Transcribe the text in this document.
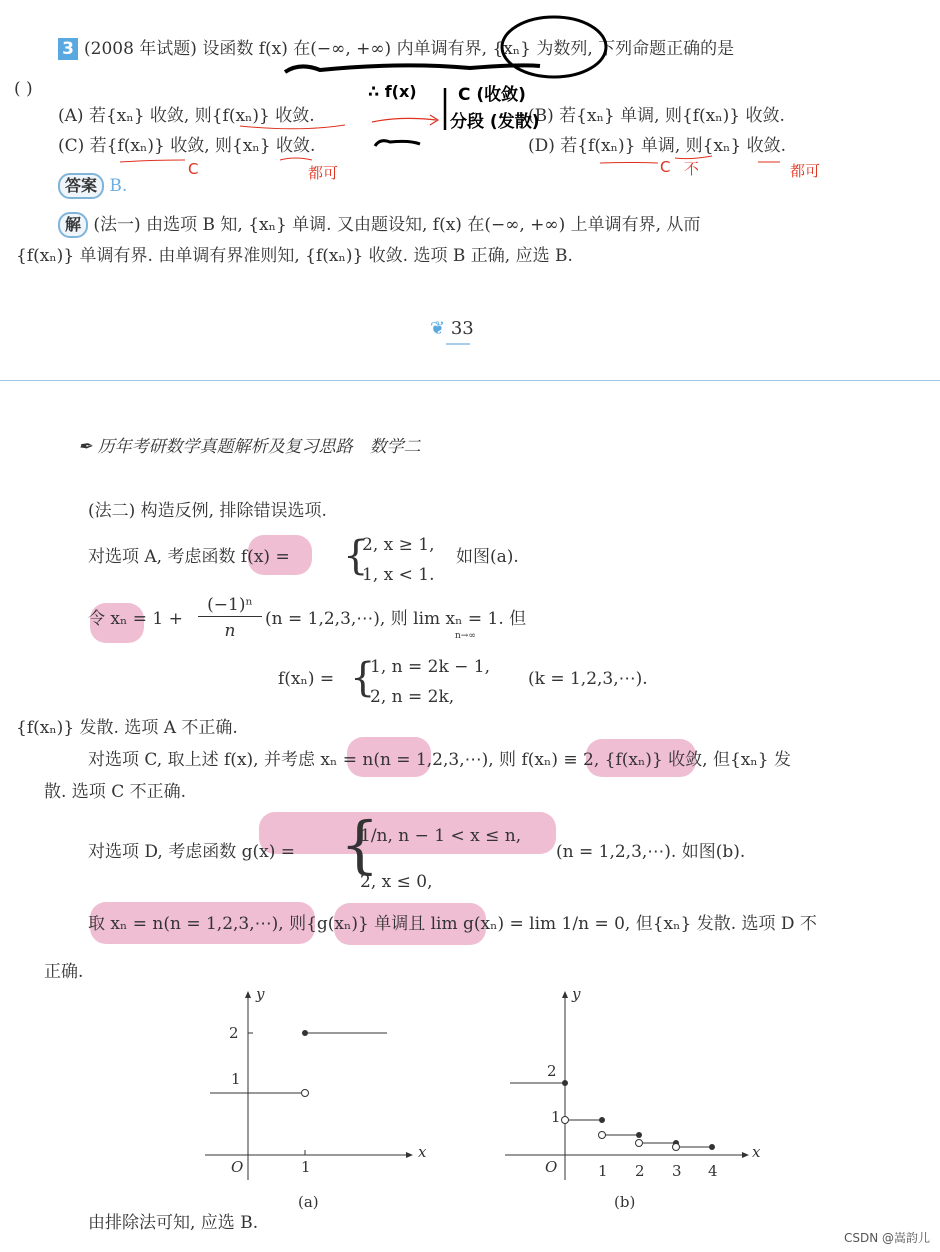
3 (2008 年试题) 设函数 f(x) 在(−∞, +∞) 内单调有界, {xₙ} 为数列, 下列命题正确的是
( )
(A) 若{xₙ} 收敛, 则{f(xₙ)} 收敛.	(B) 若{xₙ} 单调, 则{f(xₙ)} 收敛.
(C) 若{f(xₙ)} 收敛, 则{xₙ} 收敛.	(D) 若{f(xₙ)} 单调, 则{xₙ} 收敛.
答案 B.
解 (法一) 由选项 B 知, {xₙ} 单调. 又由题设知, f(x) 在(−∞, +∞) 上单调有界, 从而
{f(xₙ)} 单调有界. 由单调有界准则知, {f(xₙ)} 收敛. 选项 B 正确, 应选 B.
∴ f(x) C (收敛)
分段 (发散)
C	都可	C 不	都可
❦ 33
✒ 历年考研数学真题解析及复习思路　数学二
(法二) 构造反例, 排除错误选项.
对选项 A, 考虑函数 f(x) = {
2, x ≥ 1,
1, x < 1.
如图(a).
令 xₙ = 1 +
(−1)ⁿ
n
(n = 1,2,3,⋯), 则 lim xₙ = 1. 但
n→∞
f(xₙ) = {
1, n = 2k − 1,
2, n = 2k,
(k = 1,2,3,⋯).
{f(xₙ)} 发散. 选项 A 不正确.
对选项 C, 取上述 f(x), 并考虑 xₙ = n(n = 1,2,3,⋯), 则 f(xₙ) ≡ 2, {f(xₙ)} 收敛, 但{xₙ} 发
散. 选项 C 不正确.
对选项 D, 考虑函数 g(x) = {
1/n, n − 1 < x ≤ n,
2, x ≤ 0,
(n = 1,2,3,⋯). 如图(b).
取 xₙ = n(n = 1,2,3,⋯), 则{g(xₙ)} 单调且 lim g(xₙ) = lim 1/n = 0, 但{xₙ} 发散. 选项 D 不
正确.
y
x
O	1
1
2
(a)
y
x
O	1 2 3 4
1
2
(b)
由排除法可知, 应选 B.
CSDN @嵩韵儿
